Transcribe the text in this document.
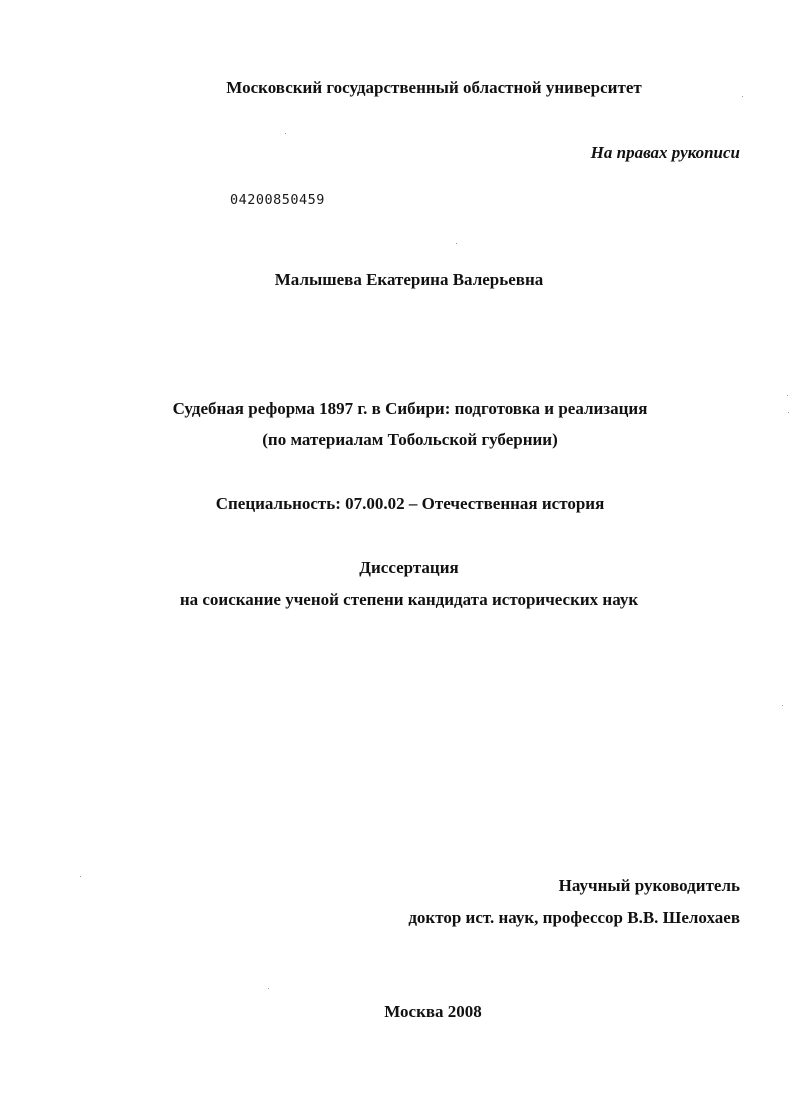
Московский государственный областной университет
На правах рукописи
04200850459
Малышева Екатерина Валерьевна
Судебная реформа 1897 г. в Сибири: подготовка и реализация
(по материалам Тобольской губернии)
Специальность: 07.00.02 – Отечественная история
Диссертация
на соискание ученой степени кандидата исторических наук
Научный руководитель
доктор ист. наук, профессор В.В. Шелохаев
Москва 2008
